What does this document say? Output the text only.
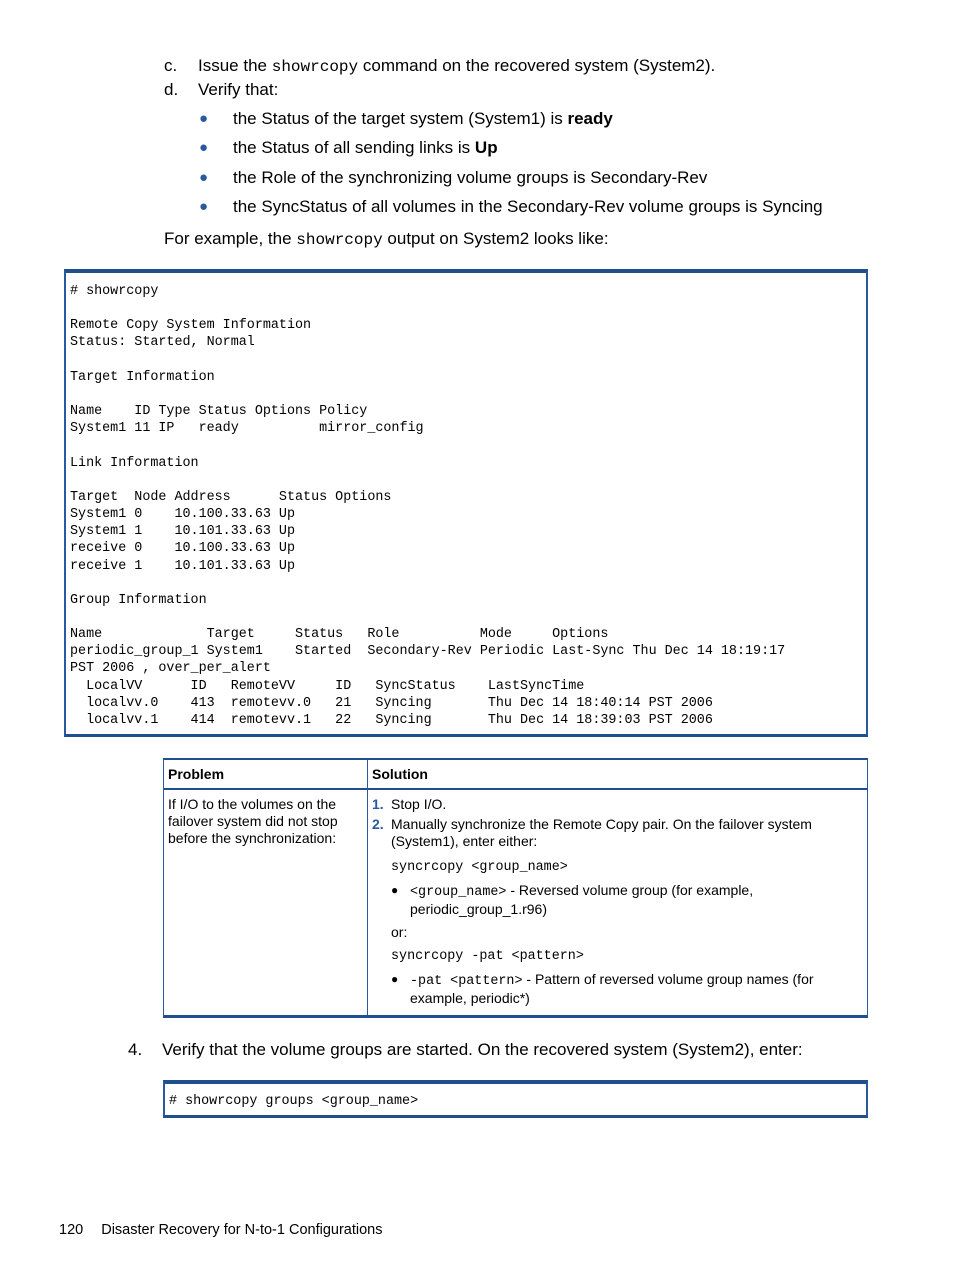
c. Issue the showrcopy command on the recovered system (System2).
d. Verify that:
● the Status of the target system (System1) is ready
● the Status of all sending links is Up
● the Role of the synchronizing volume groups is Secondary-Rev
● the SyncStatus of all volumes in the Secondary-Rev volume groups is Syncing
For example, the showrcopy output on System2 looks like:
# showrcopy

Remote Copy System Information
Status: Started, Normal

Target Information

Name    ID Type Status Options Policy
System1 11 IP   ready          mirror_config

Link Information

Target  Node Address      Status Options
System1 0    10.100.33.63 Up
System1 1    10.101.33.63 Up
receive 0    10.100.33.63 Up
receive 1    10.101.33.63 Up

Group Information

Name             Target     Status   Role          Mode     Options
periodic_group_1 System1    Started  Secondary-Rev Periodic Last-Sync Thu Dec 14 18:19:17
PST 2006 , over_per_alert
LocalVV      ID   RemoteVV     ID   SyncStatus    LastSyncTime
localvv.0    413  remotevv.0   21   Syncing       Thu Dec 14 18:40:14 PST 2006
localvv.1    414  remotevv.1   22   Syncing       Thu Dec 14 18:39:03 PST 2006
Problem	Solution
If I/O to the volumes on the failover system did not stop before the synchronization:
1. Stop I/O.
2. Manually synchronize the Remote Copy pair. On the failover system (System1), enter either:
syncrcopy <group_name>
● <group_name> - Reversed volume group (for example, periodic_group_1.r96)
or:
syncrcopy -pat <pattern>
● -pat <pattern> - Pattern of reversed volume group names (for example, periodic*)
4. Verify that the volume groups are started. On the recovered system (System2), enter:
# showrcopy groups <group_name>
120 Disaster Recovery for N-to-1 Configurations
